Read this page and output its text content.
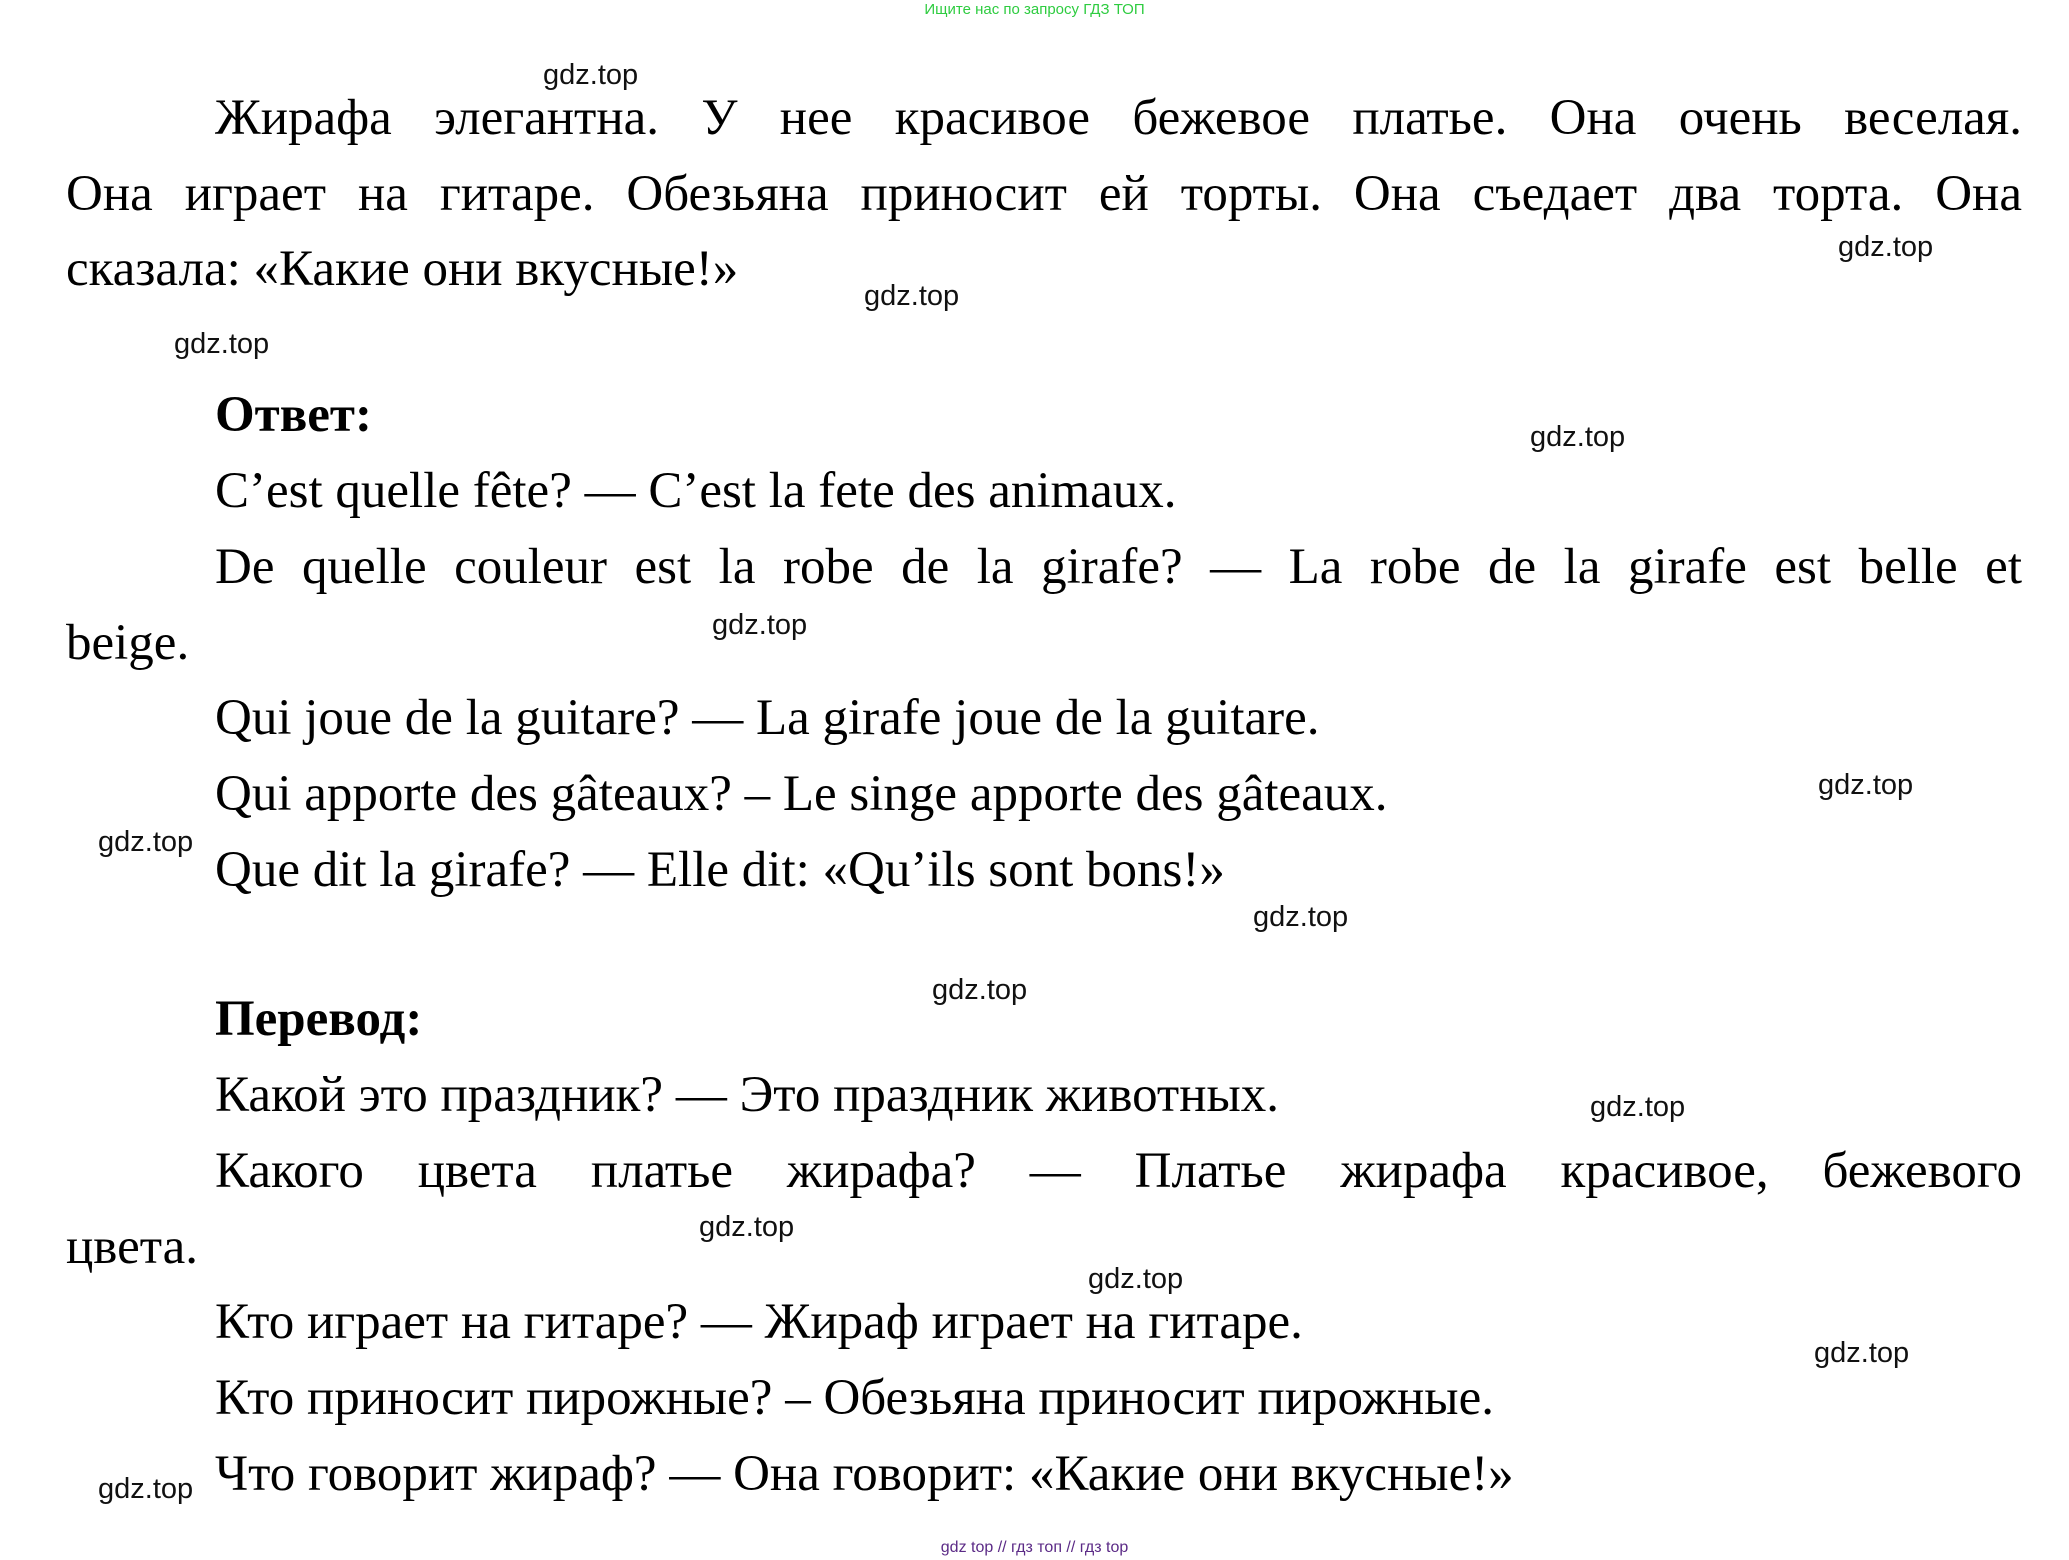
Ищите нас по запросу ГДЗ ТОП
Жирафа элегантна. У нее красивое бежевое платье. Она очень веселая.
Она играет на гитаре. Обезьяна приносит ей торты. Она съедает два торта. Она
сказала: «Какие они вкусные!»
Ответ:
C’est quelle fête? — C’est la fete des animaux.
De quelle couleur est la robe de la girafe? — La robe de la girafe est belle et
beige.
Qui joue de la guitare? — La girafe joue de la guitare.
Qui apporte des gâteaux? – Le singe apporte des gâteaux.
Que dit la girafe? — Elle dit: «Qu’ils sont bons!»
Перевод:
Какой это праздник? — Это праздник животных.
Какого цвета платье жирафа? — Платье жирафа красивое, бежевого
цвета.
Кто играет на гитаре? — Жираф играет на гитаре.
Кто приносит пирожные? – Обезьяна приносит пирожные.
Что говорит жираф? — Она говорит: «Какие они вкусные!»
gdz.top
gdz.top
gdz.top
gdz.top
gdz.top
gdz.top
gdz.top
gdz.top
gdz.top
gdz.top
gdz.top
gdz.top
gdz.top
gdz.top
gdz.top
gdz top // гдз топ // гдз top
